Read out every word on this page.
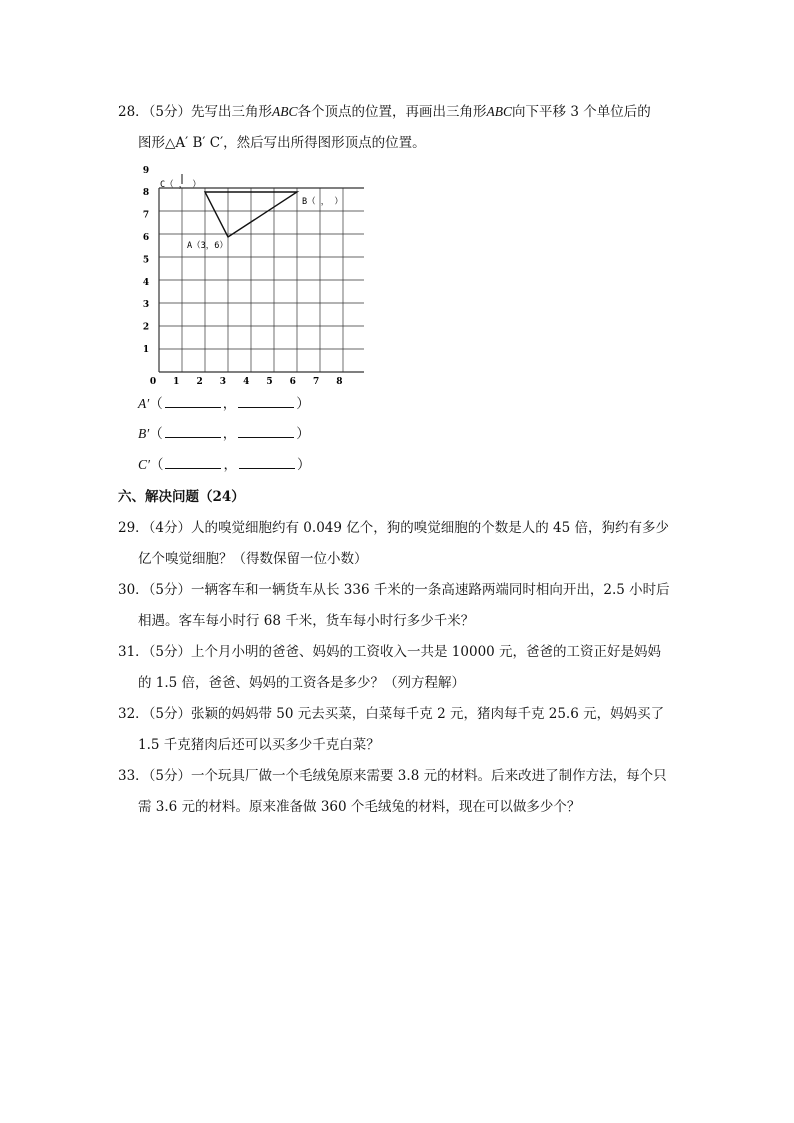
28．（5分）先写出三角形ABC各个顶点的位置，再画出三角形ABC向下平移 3 个单位后的
图形△A′ B′ C′，然后写出所得图形顶点的位置。
0 1 2 3 4 5 6 7 8
1
2
3
4
5
6
7
8
9
C（ ， ）
B（ ， ）
A（3，6）
A′（	，	）
B′（	，	）
C′（	，	）
六、解决问题（24）
29．（4分）人的嗅觉细胞约有 0.049 亿个，狗的嗅觉细胞的个数是人的 45 倍，狗约有多少
亿个嗅觉细胞？（得数保留一位小数）
30．（5分）一辆客车和一辆货车从长 336 千米的一条高速路两端同时相向开出，2.5 小时后
相遇。客车每小时行 68 千米，货车每小时行多少千米？
31．（5分）上个月小明的爸爸、妈妈的工资收入一共是 10000 元，爸爸的工资正好是妈妈
的 1.5 倍，爸爸、妈妈的工资各是多少？（列方程解）
32．（5分）张颖的妈妈带 50 元去买菜，白菜每千克 2 元，猪肉每千克 25.6 元，妈妈买了
1.5 千克猪肉后还可以买多少千克白菜？
33．（5分）一个玩具厂做一个毛绒兔原来需要 3.8 元的材料。后来改进了制作方法，每个只
需 3.6 元的材料。原来准备做 360 个毛绒兔的材料，现在可以做多少个？
